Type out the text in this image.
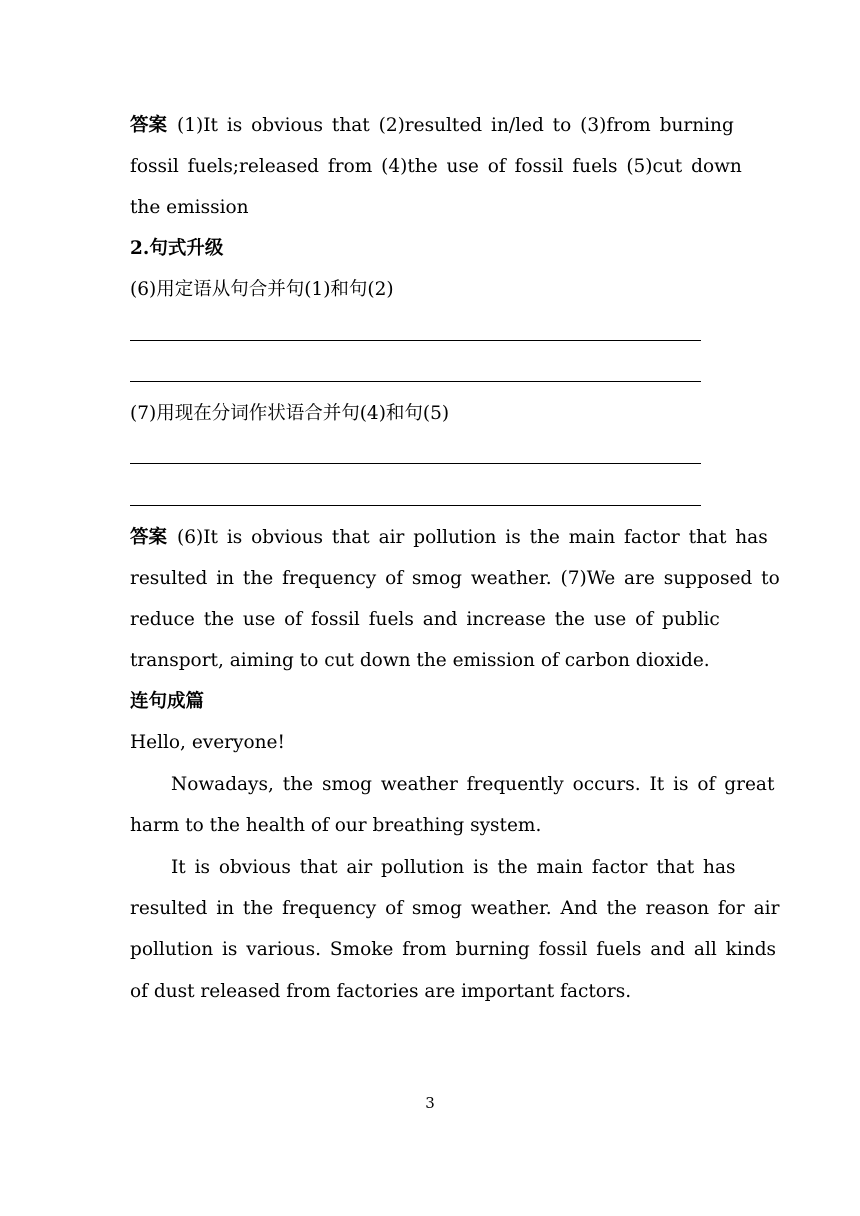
答案 (1)It is obvious that (2)resulted in/led to (3)from burning
fossil fuels;released from (4)the use of fossil fuels (5)cut down
the emission
2.句式升级
(6)用定语从句合并句(1)和句(2)
(7)用现在分词作状语合并句(4)和句(5)
答案 (6)It is obvious that air pollution is the main factor that has
resulted in the frequency of smog weather. (7)We are supposed to
reduce the use of fossil fuels and increase the use of public
transport, aiming to cut down the emission of carbon dioxide.
连句成篇
Hello, everyone!
Nowadays, the smog weather frequently occurs. It is of great
harm to the health of our breathing system.
It is obvious that air pollution is the main factor that has
resulted in the frequency of smog weather. And the reason for air
pollution is various. Smoke from burning fossil fuels and all kinds
of dust released from factories are important factors.
3
